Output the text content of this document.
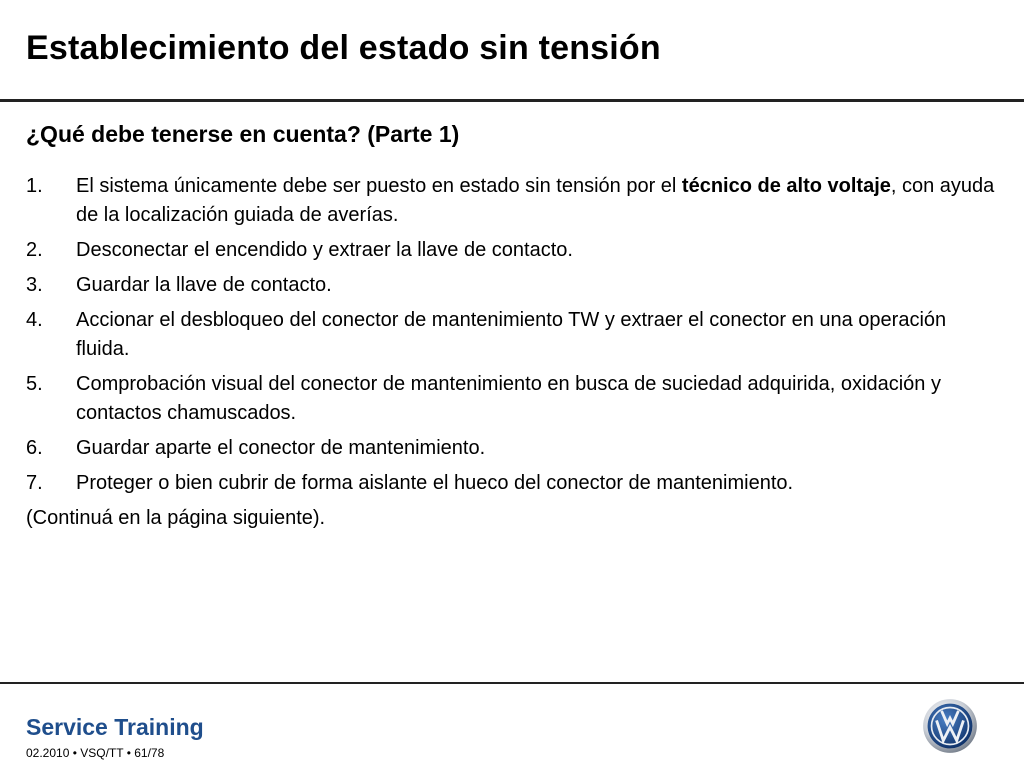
Establecimiento del estado sin tensión
¿Qué debe tenerse en cuenta? (Parte 1)
1.	El sistema únicamente debe ser puesto en estado sin tensión por el técnico de alto voltaje, con ayuda de la localización guiada de averías.
2.	Desconectar el encendido y extraer la llave de contacto.
3.	Guardar la llave de contacto.
4.	Accionar el desbloqueo del conector de mantenimiento TW y extraer el conector en una operación fluida.
5.	Comprobación visual del conector de mantenimiento en busca de suciedad adquirida, oxidación y contactos chamuscados.
6.	Guardar aparte el conector de mantenimiento.
7.	Proteger o bien cubrir de forma aislante el hueco del conector de mantenimiento.
(Continuá en la página siguiente).
Service Training
02.2010 • VSQ/TT • 61/78
